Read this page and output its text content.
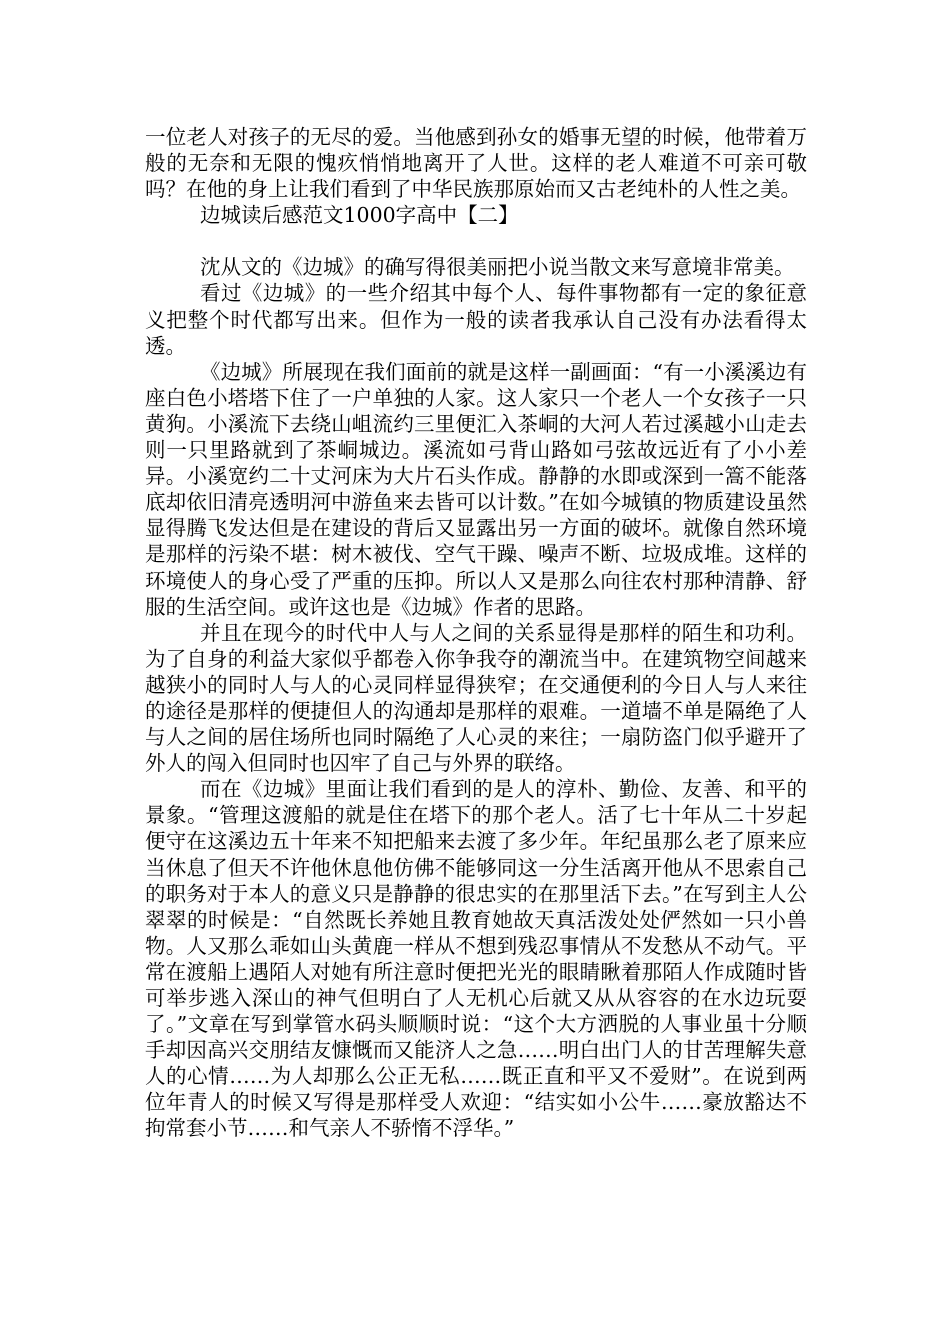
一位老人对孩子的无尽的爱。当他感到孙女的婚事无望的时候，他带着万般的无奈和无限的愧疚悄悄地离开了人世。这样的老人难道不可亲可敬吗？在他的身上让我们看到了中华民族那原始而又古老纯朴的人性之美。

边城读后感范文1000字高中【二】

沈从文的《边城》的确写得很美丽把小说当散文来写意境非常美。

看过《边城》的一些介绍其中每个人、每件事物都有一定的象征意义把整个时代都写出来。但作为一般的读者我承认自己没有办法看得太透。

《边城》所展现在我们面前的就是这样一副画面：“有一小溪溪边有座白色小塔塔下住了一户单独的人家。这人家只一个老人一个女孩子一只黄狗。小溪流下去绕山岨流约三里便汇入茶峒的大河人若过溪越小山走去则一只里路就到了茶峒城边。溪流如弓背山路如弓弦故远近有了小小差异。小溪宽约二十丈河床为大片石头作成。静静的水即或深到一篙不能落底却依旧清亮透明河中游鱼来去皆可以计数。”在如今城镇的物质建设虽然显得腾飞发达但是在建设的背后又显露出另一方面的破坏。就像自然环境是那样的污染不堪：树木被伐、空气干躁、噪声不断、垃圾成堆。这样的环境使人的身心受了严重的压抑。所以人又是那么向往农村那种清静、舒服的生活空间。或许这也是《边城》作者的思路。

并且在现今的时代中人与人之间的关系显得是那样的陌生和功利。为了自身的利益大家似乎都卷入你争我夺的潮流当中。在建筑物空间越来越狭小的同时人与人的心灵同样显得狭窄；在交通便利的今日人与人来往的途径是那样的便捷但人的沟通却是那样的艰难。一道墙不单是隔绝了人与人之间的居住场所也同时隔绝了人心灵的来往；一扇防盗门似乎避开了外人的闯入但同时也囚牢了自己与外界的联络。

而在《边城》里面让我们看到的是人的淳朴、勤俭、友善、和平的景象。“管理这渡船的就是住在塔下的那个老人。活了七十年从二十岁起便守在这溪边五十年来不知把船来去渡了多少年。年纪虽那么老了原来应当休息了但天不许他休息他仿佛不能够同这一分生活离开他从不思索自己的职务对于本人的意义只是静静的很忠实的在那里活下去。”在写到主人公翠翠的时候是：“自然既长养她且教育她故天真活泼处处俨然如一只小兽物。人又那么乖如山头黄鹿一样从不想到残忍事情从不发愁从不动气。平常在渡船上遇陌人对她有所注意时便把光光的眼睛瞅着那陌人作成随时皆可举步逃入深山的神气但明白了人无机心后就又从从容容的在水边玩耍了。”文章在写到掌管水码头顺顺时说：“这个大方洒脱的人事业虽十分顺手却因高兴交朋结友慷慨而又能济人之急……明白出门人的甘苦理解失意人的心情……为人却那么公正无私……既正直和平又不爱财”。在说到两位年青人的时候又写得是那样受人欢迎：“结实如小公牛……豪放豁达不拘常套小节……和气亲人不骄惰不浮华。”
